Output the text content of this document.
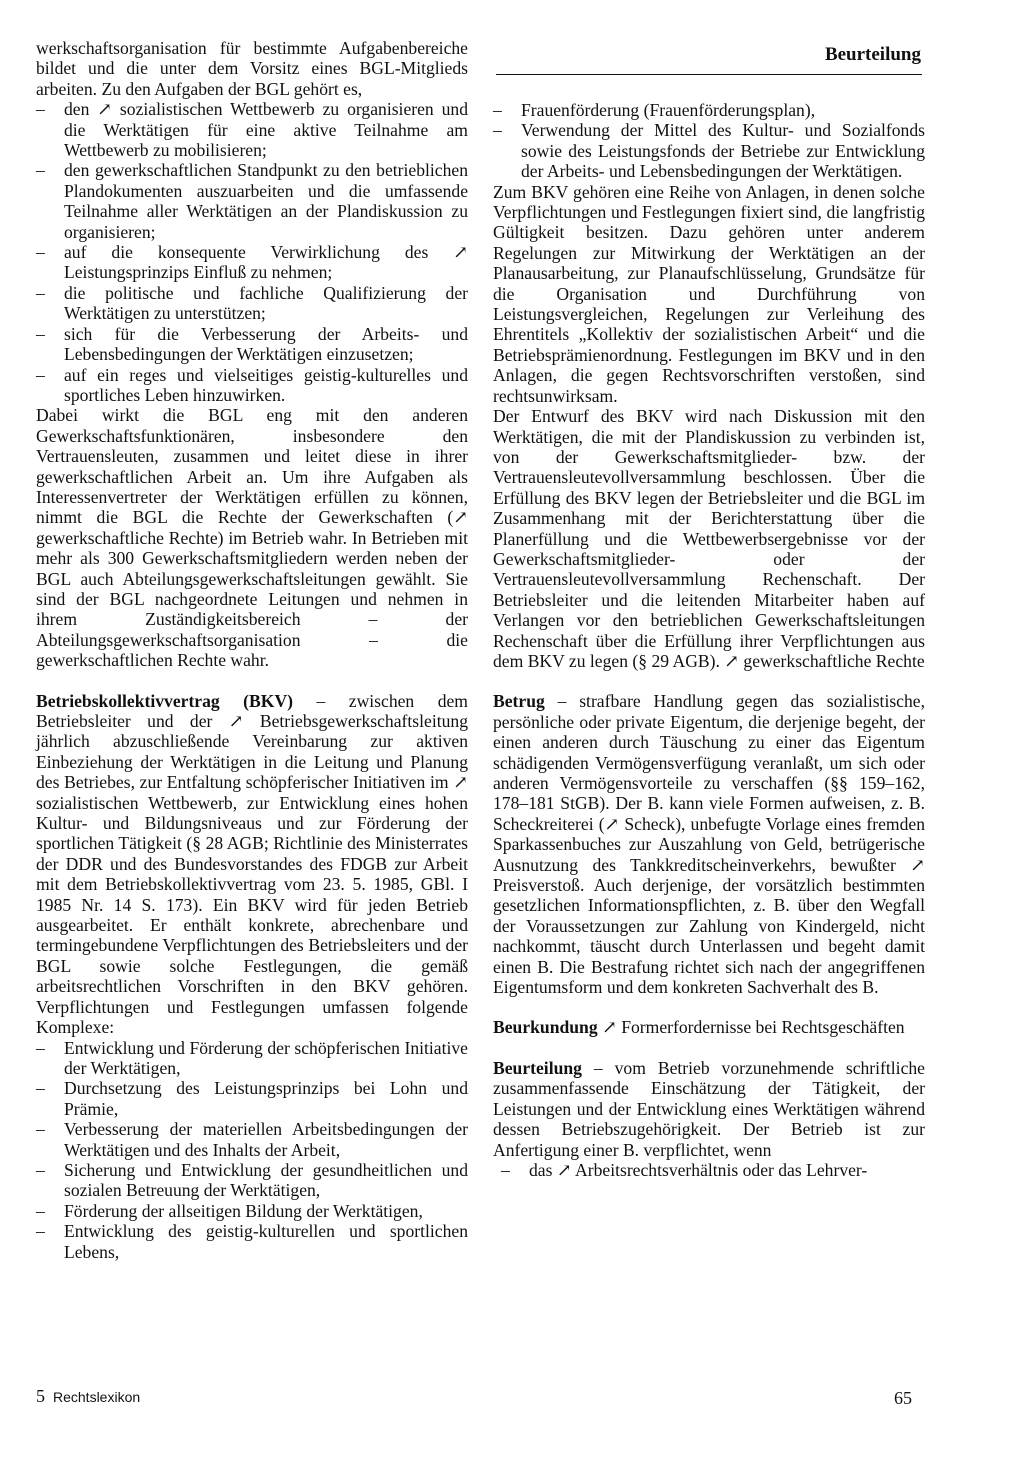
Beurteilung

werkschaftsorganisation für bestimmte Aufgabenbereiche bildet und die unter dem Vorsitz eines BGL-Mitglieds arbeiten. Zu den Aufgaben der BGL gehört es,

– den ↗ sozialistischen Wettbewerb zu organisieren und die Werktätigen für eine aktive Teilnahme am Wettbewerb zu mobilisieren;
– den gewerkschaftlichen Standpunkt zu den betrieblichen Plandokumenten auszuarbeiten und die umfassende Teilnahme aller Werktätigen an der Plandiskussion zu organisieren;
– auf die konsequente Verwirklichung des ↗ Leistungsprinzips Einfluß zu nehmen;
– die politische und fachliche Qualifizierung der Werktätigen zu unterstützen;
– sich für die Verbesserung der Arbeits- und Lebensbedingungen der Werktätigen einzusetzen;
– auf ein reges und vielseitiges geistig-kulturelles und sportliches Leben hinzuwirken.

Dabei wirkt die BGL eng mit den anderen Gewerkschaftsfunktionären, insbesondere den Vertrauensleuten, zusammen und leitet diese in ihrer gewerkschaftlichen Arbeit an. Um ihre Aufgaben als Interessenvertreter der Werktätigen erfüllen zu können, nimmt die BGL die Rechte der Gewerkschaften (↗ gewerkschaftliche Rechte) im Betrieb wahr. In Betrieben mit mehr als 300 Gewerkschaftsmitgliedern werden neben der BGL auch Abteilungsgewerkschaftsleitungen gewählt. Sie sind der BGL nachgeordnete Leitungen und nehmen in ihrem Zuständigkeitsbereich – der Abteilungsgewerkschaftsorganisation – die gewerkschaftlichen Rechte wahr.

Betriebskollektivvertrag (BKV) – zwischen dem Betriebsleiter und der ↗ Betriebsgewerkschaftsleitung jährlich abzuschließende Vereinbarung zur aktiven Einbeziehung der Werktätigen in die Leitung und Planung des Betriebes, zur Entfaltung schöpferischer Initiativen im ↗ sozialistischen Wettbewerb, zur Entwicklung eines hohen Kultur- und Bildungsniveaus und zur Förderung der sportlichen Tätigkeit (§ 28 AGB; Richtlinie des Ministerrates der DDR und des Bundesvorstandes des FDGB zur Arbeit mit dem Betriebskollektivvertrag vom 23. 5. 1985, GBl. I 1985 Nr. 14 S. 173). Ein BKV wird für jeden Betrieb ausgearbeitet. Er enthält konkrete, abrechenbare und termingebundene Verpflichtungen des Betriebsleiters und der BGL sowie solche Festlegungen, die gemäß arbeitsrechtlichen Vorschriften in den BKV gehören. Verpflichtungen und Festlegungen umfassen folgende Komplexe:

– Entwicklung und Förderung der schöpferischen Initiative der Werktätigen,
– Durchsetzung des Leistungsprinzips bei Lohn und Prämie,
– Verbesserung der materiellen Arbeitsbedingungen der Werktätigen und des Inhalts der Arbeit,
– Sicherung und Entwicklung der gesundheitlichen und sozialen Betreuung der Werktätigen,
– Förderung der allseitigen Bildung der Werktätigen,
– Entwicklung des geistig-kulturellen und sportlichen Lebens,
– Frauenförderung (Frauenförderungsplan),
– Verwendung der Mittel des Kultur- und Sozialfonds sowie des Leistungsfonds der Betriebe zur Entwicklung der Arbeits- und Lebensbedingungen der Werktätigen.

Zum BKV gehören eine Reihe von Anlagen, in denen solche Verpflichtungen und Festlegungen fixiert sind, die langfristig Gültigkeit besitzen. Dazu gehören unter anderem Regelungen zur Mitwirkung der Werktätigen an der Planausarbeitung, zur Planaufschlüsselung, Grundsätze für die Organisation und Durchführung von Leistungsvergleichen, Regelungen zur Verleihung des Ehrentitels „Kollektiv der sozialistischen Arbeit“ und die Betriebsprämienordnung. Festlegungen im BKV und in den Anlagen, die gegen Rechtsvorschriften verstoßen, sind rechtsunwirksam.

Der Entwurf des BKV wird nach Diskussion mit den Werktätigen, die mit der Plandiskussion zu verbinden ist, von der Gewerkschaftsmitglieder- bzw. der Vertrauensleutevollversammlung beschlossen. Über die Erfüllung des BKV legen der Betriebsleiter und die BGL im Zusammenhang mit der Berichterstattung über die Planerfüllung und die Wettbewerbsergebnisse vor der Gewerkschaftsmitglieder- oder der Vertrauensleutevollversammlung Rechenschaft. Der Betriebsleiter und die leitenden Mitarbeiter haben auf Verlangen vor den betrieblichen Gewerkschaftsleitungen Rechenschaft über die Erfüllung ihrer Verpflichtungen aus dem BKV zu legen (§ 29 AGB). ↗ gewerkschaftliche Rechte

Betrug – strafbare Handlung gegen das sozialistische, persönliche oder private Eigentum, die derjenige begeht, der einen anderen durch Täuschung zu einer das Eigentum schädigenden Vermögensverfügung veranlaßt, um sich oder anderen Vermögensvorteile zu verschaffen (§§ 159–162, 178–181 StGB). Der B. kann viele Formen aufweisen, z. B. Scheckreiterei (↗ Scheck), unbefugte Vorlage eines fremden Sparkassenbuches zur Auszahlung von Geld, betrügerische Ausnutzung des Tankkreditscheinverkehrs, bewußter ↗ Preisverstoß. Auch derjenige, der vorsätzlich bestimmten gesetzlichen Informationspflichten, z. B. über den Wegfall der Voraussetzungen zur Zahlung von Kindergeld, nicht nachkommt, täuscht durch Unterlassen und begeht damit einen B. Die Bestrafung richtet sich nach der angegriffenen Eigentumsform und dem konkreten Sachverhalt des B.

Beurkundung ↗ Formerfordernisse bei Rechtsgeschäften

Beurteilung – vom Betrieb vorzunehmende schriftliche zusammenfassende Einschätzung der Tätigkeit, der Leistungen und der Entwicklung eines Werktätigen während dessen Betriebszugehörigkeit. Der Betrieb ist zur Anfertigung einer B. verpflichtet, wenn

– das ↗ Arbeitsrechtsverhältnis oder das Lehrver-
5 Rechtslexikon	65
